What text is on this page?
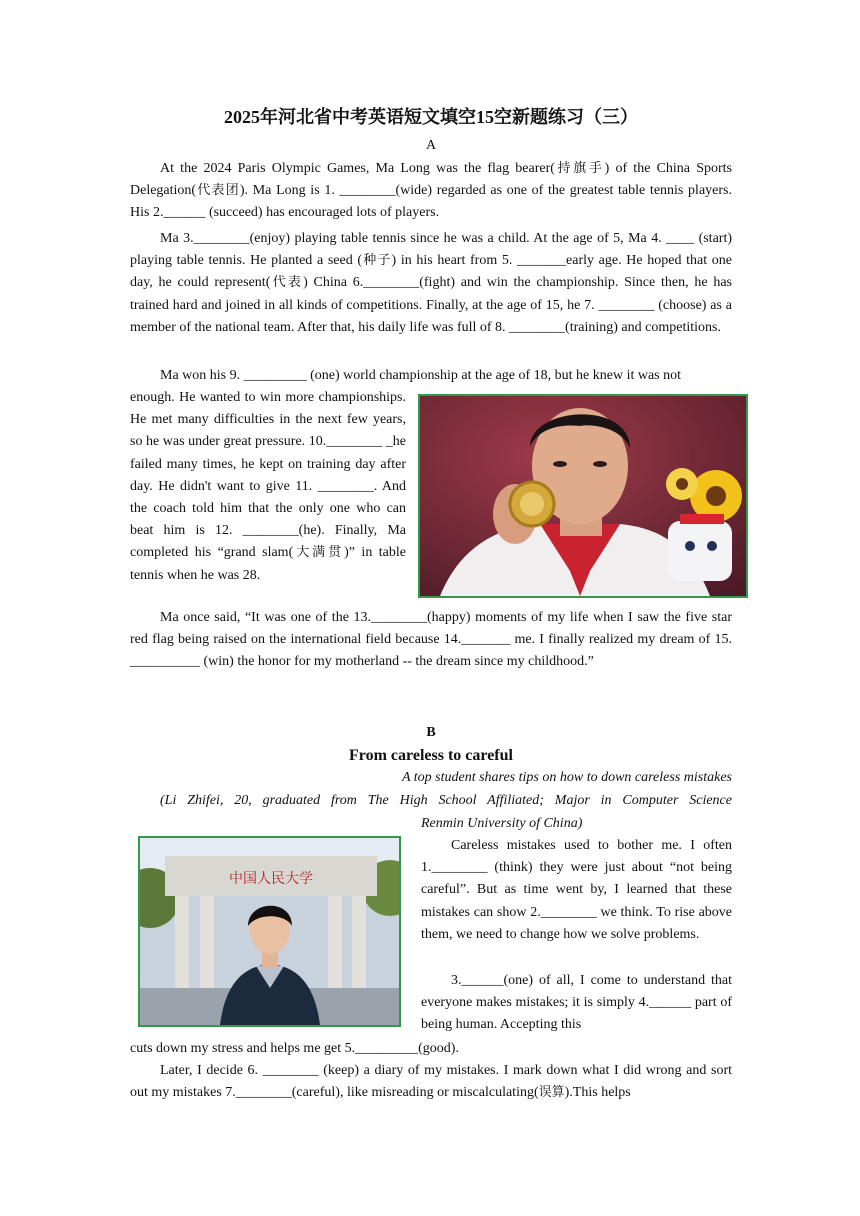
2025年河北省中考英语短文填空15空新题练习（三）
A
At the 2024 Paris Olympic Games, Ma Long was the flag bearer(持旗手) of the China Sports Delegation(代表团). Ma Long is 1. ________(wide) regarded as one of the greatest table tennis players. His 2.______ (succeed) has encouraged lots of players.
Ma 3.________(enjoy) playing table tennis since he was a child. At the age of 5, Ma 4. ____ (start) playing table tennis. He planted a seed (种子) in his heart from 5. _______early age. He hoped that one day, he could represent(代表) China 6.________(fight) and win the championship. Since then, he has trained hard and joined in all kinds of competitions. Finally, at the age of 15, he 7. ________ (choose) as a member of the national team. After that, his daily life was full of 8. ________(training) and competitions.
Ma won his 9. _________ (one) world championship at the age of 18, but he knew it was not
enough. He wanted to win more championships. He met many difficulties in the next few years, so he was under great pressure. 10.________ _he failed many times, he kept on training day after day. He didn't want to give 11. ________. And the coach told him that the only one who can beat him is 12. ________(he). Finally, Ma completed his “grand slam(大满贯)” in table tennis when he was 28.
Ma once said, “It was one of the 13.________(happy) moments of my life when I saw the five star red flag being raised on the international field because 14._______ me. I finally realized my dream of 15. __________ (win) the honor for my motherland -- the dream since my childhood.”
B
From careless to careful
A top student shares tips on how to down careless mistakes
(Li Zhifei, 20, graduated from The High School Affiliated; Major in Computer Science
Renmin University of China)
中国人民大学
Careless mistakes used to bother me. I often 1.________ (think) they were just about “not being careful”. But as time went by, I learned that these mistakes can show 2.________ we think. To rise above them, we need to change how we solve problems.
3.______(one) of all, I come to understand that everyone makes mistakes; it is simply 4.______ part of being human. Accepting this
cuts down my stress and helps me get 5._________(good).
Later, I decide 6. ________ (keep) a diary of my mistakes. I mark down what I did wrong and sort out my mistakes 7.________(careful), like misreading or miscalculating(误算).This helps
